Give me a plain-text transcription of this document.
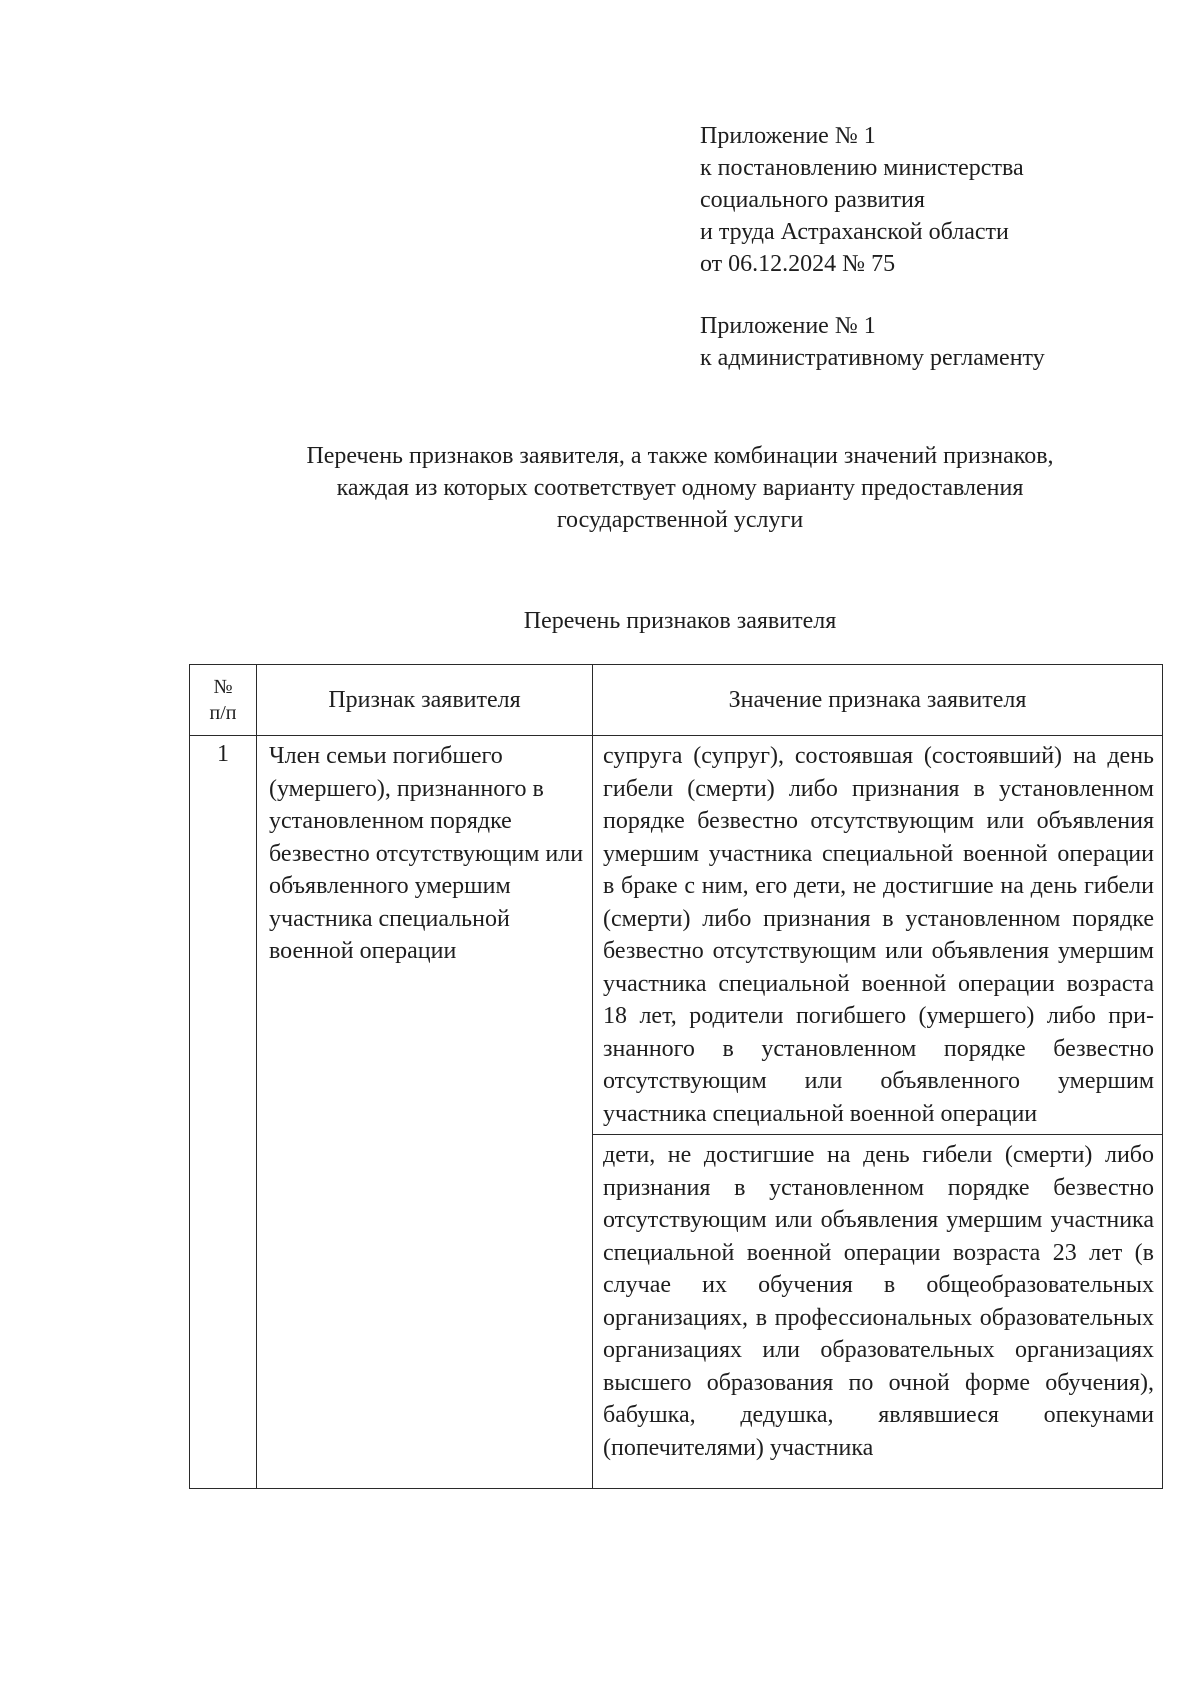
Приложение № 1
к постановлению министерства
социального развития
и труда Астраханской области
от 06.12.2024 № 75
Приложение № 1
к административному регламенту
Перечень признаков заявителя, а также комбинации значений признаков,
каждая из которых соответствует одному варианту предоставления
государственной услуги
Перечень признаков заявителя
№
п/п	Признак заявителя	Значение признака заявителя
1	Член семьи погибшего (умершего), признанного в установленном порядке безвестно отсутствующим или объявленного умершим участника специальной военной операции	супруга (супруг), состоявшая (состоявший) на день гибели (смерти) либо признания в установленном порядке безвестно отсутствующим или объявления умершим участника специальной военной операции в браке с ним, его дети, не достигшие на день гибели (смерти) либо признания в установленном порядке безвестно отсутствующим или объявления умершим участника специальной военной операции возраста 18 лет, родители погибшего (умершего) либо признанного в установленном порядке безвестно отсутствующим или объявленного умершим участника специальной военной операции

		дети, не достигшие на день гибели (смерти) либо признания в установленном порядке безвестно отсутствующим или объявления умершим участника специальной военной операции возраста 23 лет (в случае их обучения в общеобразовательных организациях, в профессиональных образовательных организациях или образовательных организациях высшего образования по очной форме обучения), бабушка, дедушка, являвшиеся опекунами (попечителями) участника
